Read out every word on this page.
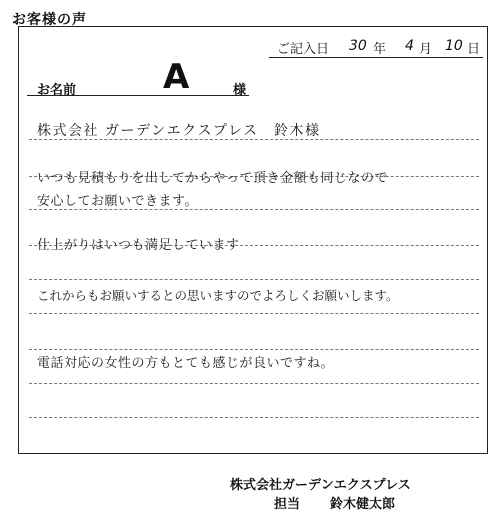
お客様の声
ご記入日 30 年 4 月 10 日
お名前	A	様
株式会社 ガーデンエクスプレス　鈴木様
いつも見積もりを出してからやって頂き金額も同じなので
安心してお願いできます。
仕上がりはいつも満足しています
これからもお願いするとの思いますのでよろしくお願いします。
電話対応の女性の方もとても感じが良いですね。
株式会社ガーデンエクスプレス
担当 鈴木健太郎
